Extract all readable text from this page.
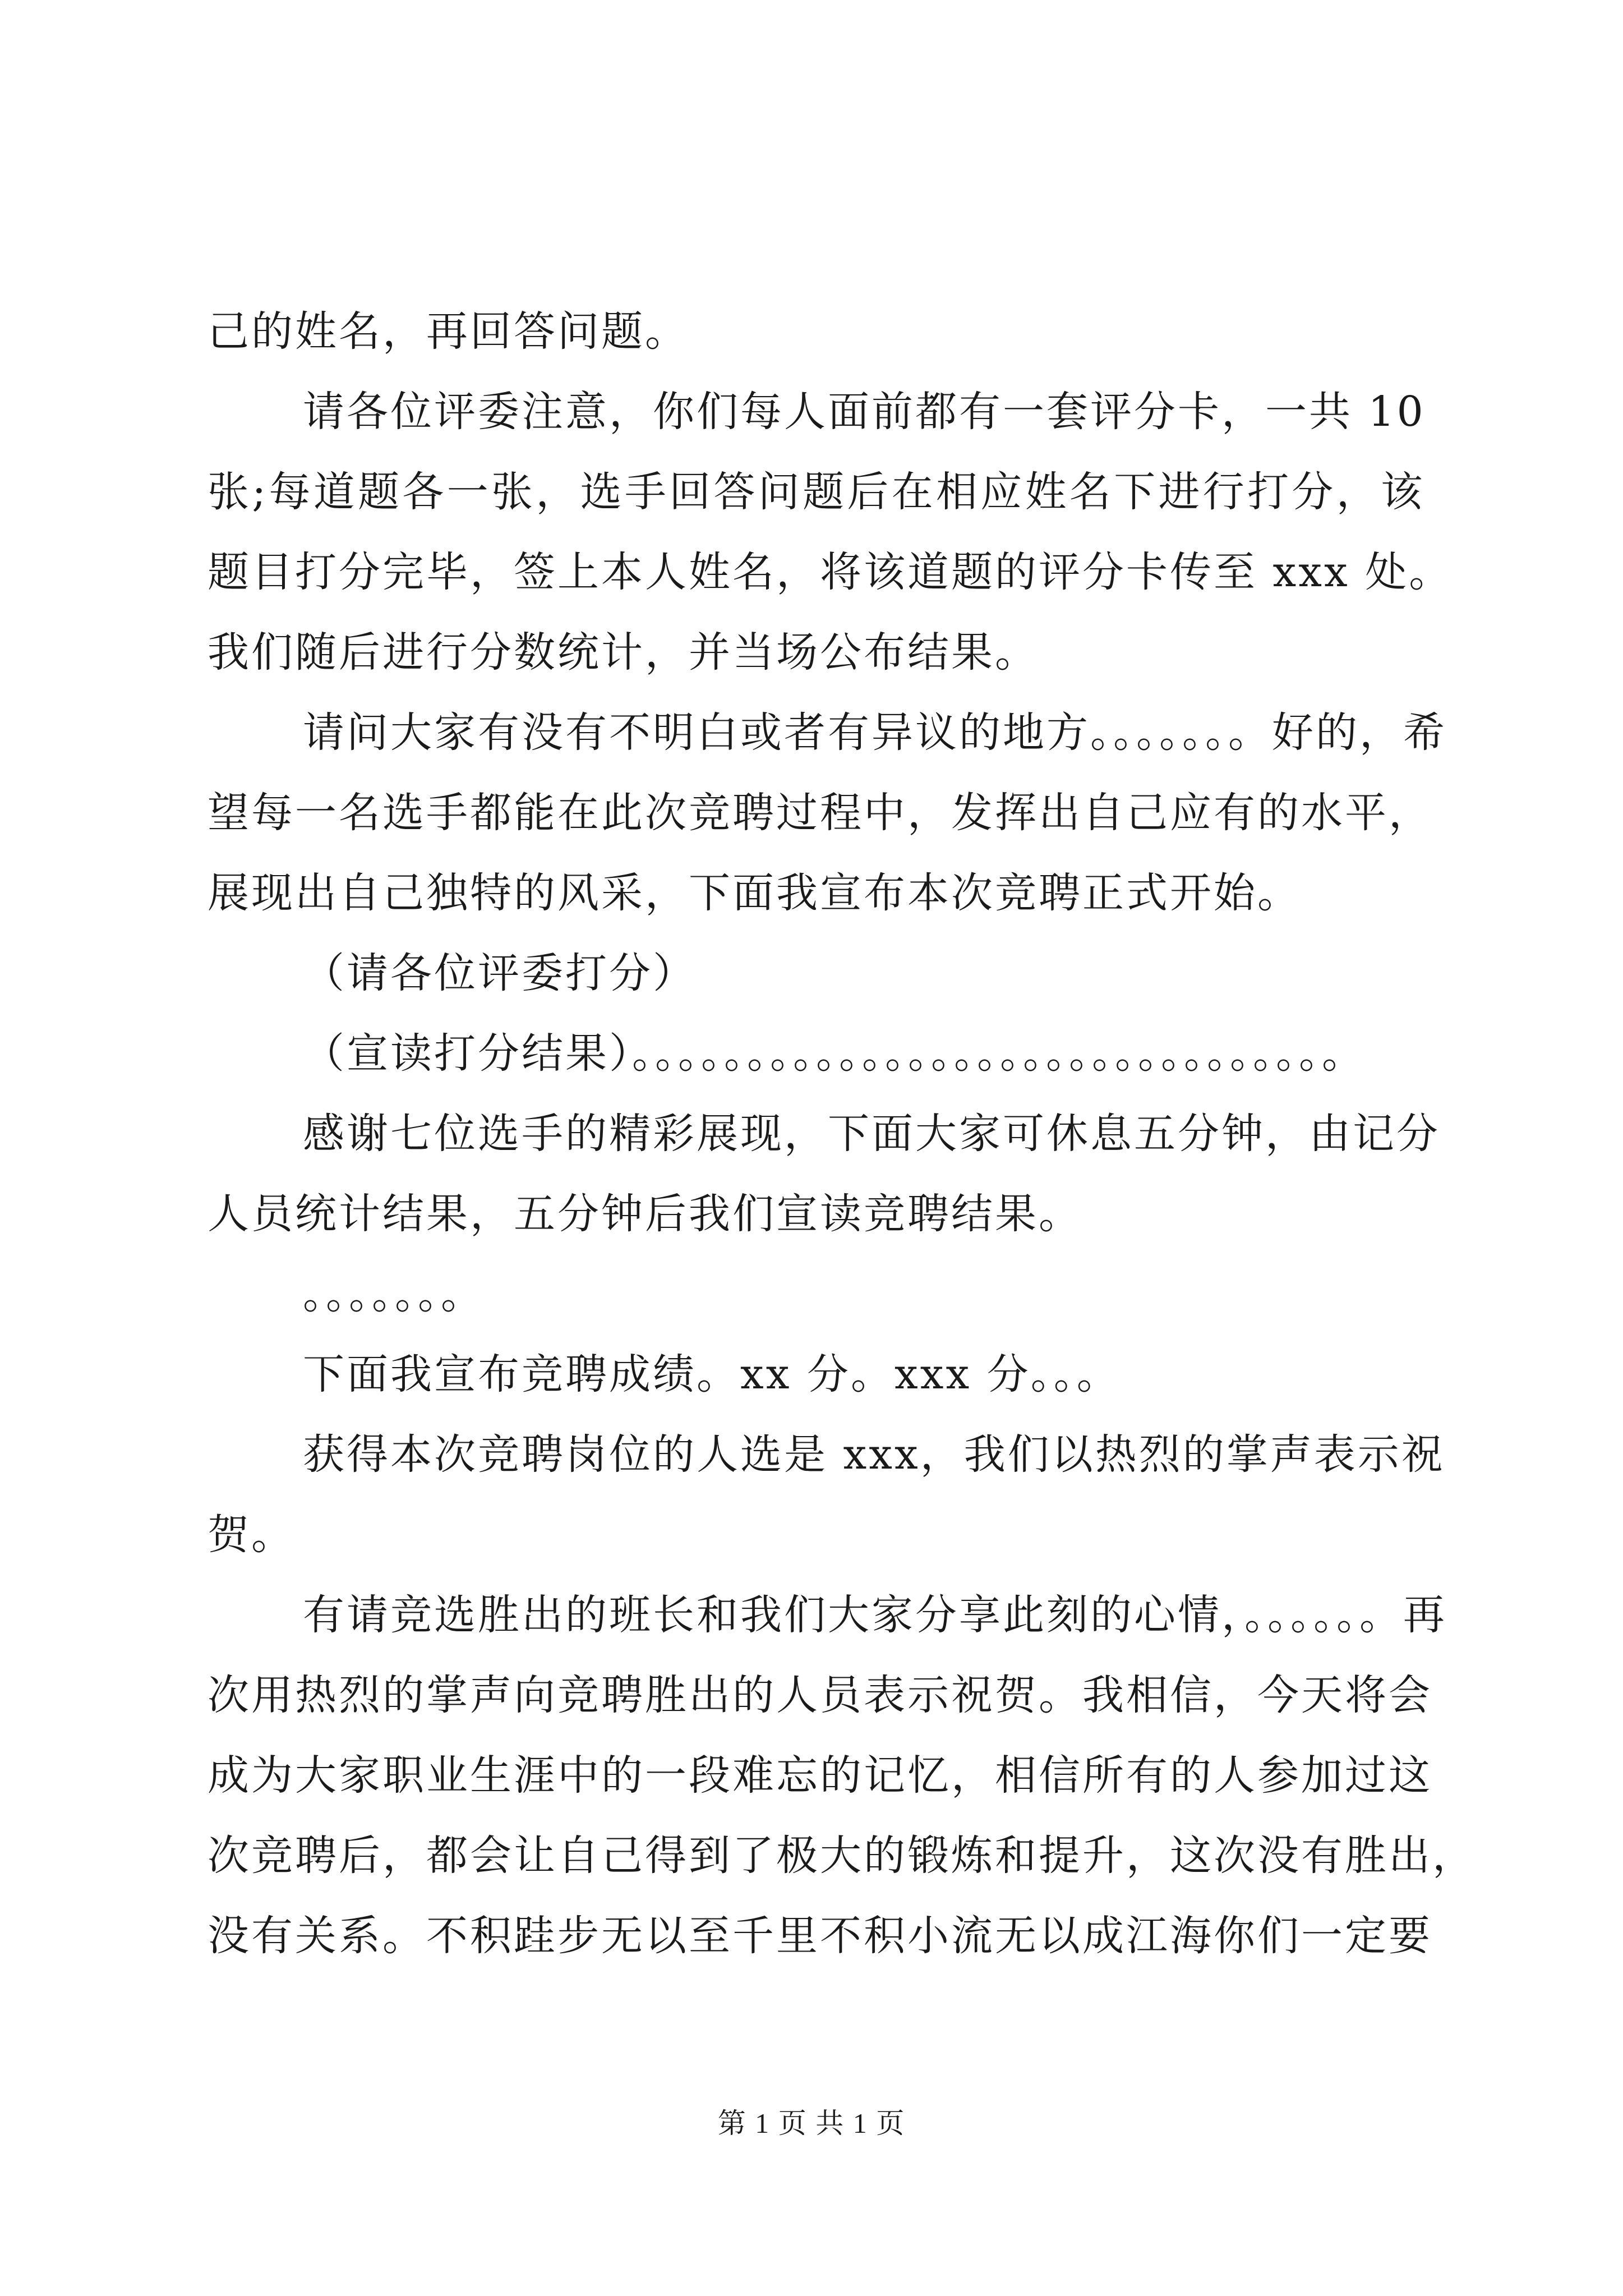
己的姓名，再回答问题。
请各位评委注意，你们每人面前都有一套评分卡，一共 10
张;每道题各一张，选手回答问题后在相应姓名下进行打分，该
题目打分完毕，签上本人姓名，将该道题的评分卡传至 xxx 处。
我们随后进行分数统计，并当场公布结果。
请问大家有没有不明白或者有异议的地方。。。。。。。好的，希
望每一名选手都能在此次竞聘过程中，发挥出自己应有的水平，
展现出自己独特的风采，下面我宣布本次竞聘正式开始。
（请各位评委打分）
（宣读打分结果）。。。。。。。。。。。。。。。。。。。。。。。。。。。。。。。
感谢七位选手的精彩展现，下面大家可休息五分钟，由记分
人员统计结果，五分钟后我们宣读竞聘结果。
。。。。。。。
下面我宣布竞聘成绩。xx 分。xxx 分。。。
获得本次竞聘岗位的人选是 xxx，我们以热烈的掌声表示祝
贺。
有请竞选胜出的班长和我们大家分享此刻的心情，。。。。。。再
次用热烈的掌声向竞聘胜出的人员表示祝贺。我相信，今天将会
成为大家职业生涯中的一段难忘的记忆，相信所有的人参加过这
次竞聘后，都会让自己得到了极大的锻炼和提升，这次没有胜出，
没有关系。不积跬步无以至千里不积小流无以成江海你们一定要
第 1 页 共 1 页
